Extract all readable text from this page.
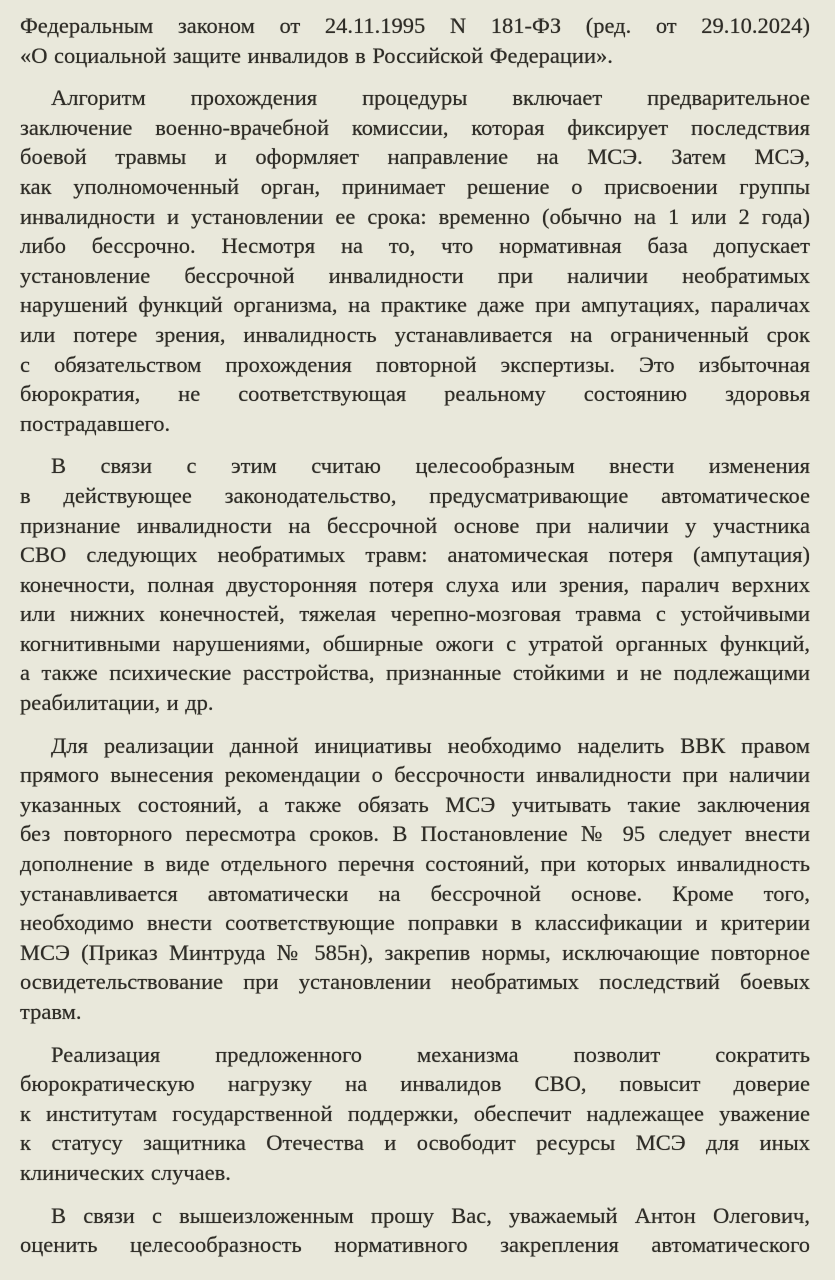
Федеральным законом от 24.11.1995 N 181-ФЗ (ред. от 29.10.2024)
«О социальной защите инвалидов в Российской Федерации».
Алгоритм прохождения процедуры включает предварительное
заключение военно-врачебной комиссии, которая фиксирует последствия
боевой травмы и оформляет направление на МСЭ. Затем МСЭ,
как уполномоченный орган, принимает решение о присвоении группы
инвалидности и установлении ее срока: временно (обычно на 1 или 2 года)
либо бессрочно. Несмотря на то, что нормативная база допускает
установление бессрочной инвалидности при наличии необратимых
нарушений функций организма, на практике даже при ампутациях, параличах
или потере зрения, инвалидность устанавливается на ограниченный срок
с обязательством прохождения повторной экспертизы. Это избыточная
бюрократия, не соответствующая реальному состоянию здоровья
пострадавшего.
В связи с этим считаю целесообразным внести изменения
в действующее законодательство, предусматривающие автоматическое
признание инвалидности на бессрочной основе при наличии у участника
СВО следующих необратимых травм: анатомическая потеря (ампутация)
конечности, полная двусторонняя потеря слуха или зрения, паралич верхних
или нижних конечностей, тяжелая черепно-мозговая травма с устойчивыми
когнитивными нарушениями, обширные ожоги с утратой органных функций,
а также психические расстройства, признанные стойкими и не подлежащими
реабилитации, и др.
Для реализации данной инициативы необходимо наделить ВВК правом
прямого вынесения рекомендации о бессрочности инвалидности при наличии
указанных состояний, а также обязать МСЭ учитывать такие заключения
без повторного пересмотра сроков. В Постановление № 95 следует внести
дополнение в виде отдельного перечня состояний, при которых инвалидность
устанавливается автоматически на бессрочной основе. Кроме того,
необходимо внести соответствующие поправки в классификации и критерии
МСЭ (Приказ Минтруда № 585н), закрепив нормы, исключающие повторное
освидетельствование при установлении необратимых последствий боевых
травм.
Реализация предложенного механизма позволит сократить
бюрократическую нагрузку на инвалидов СВО, повысит доверие
к институтам государственной поддержки, обеспечит надлежащее уважение
к статусу защитника Отечества и освободит ресурсы МСЭ для иных
клинических случаев.
В связи с вышеизложенным прошу Вас, уважаемый Антон Олегович,
оценить целесообразность нормативного закрепления автоматического
